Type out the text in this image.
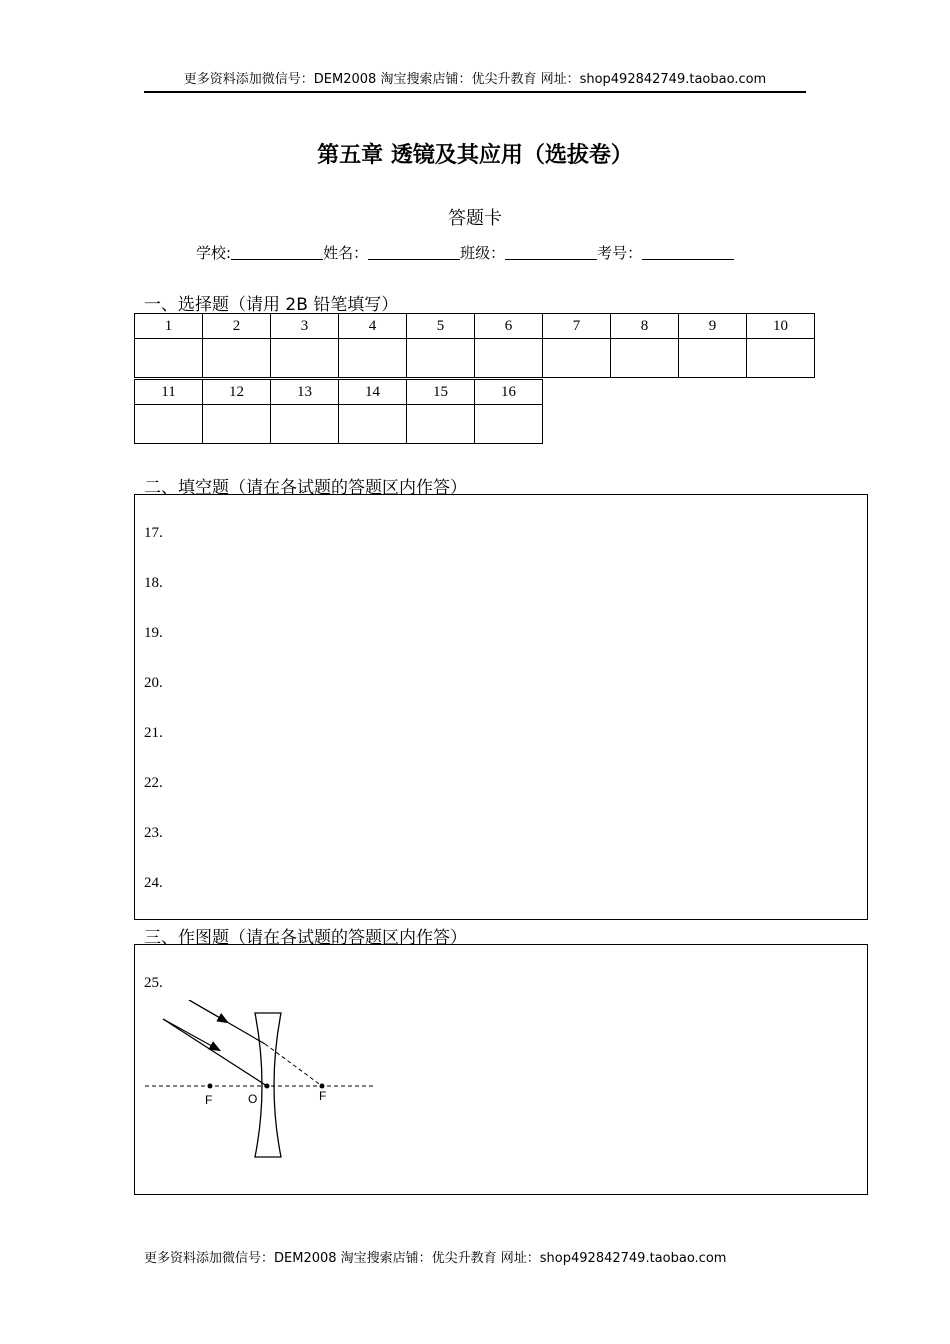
更多资料添加微信号：DEM2008 淘宝搜索店铺：优尖升教育 网址：shop492842749.taobao.com
第五章 透镜及其应用（选拔卷）
答题卡
学校:	姓名：	班级：	考号：
一、选择题（请用 2B 铅笔填写）
1	2	3	4	5	6	7	8	9	10

11	12	13	14	15	16

二、填空题（请在各试题的答题区内作答）
17.
18.
19.
20.
21.
22.
23.
24.
三、作图题（请在各试题的答题区内作答）
25.
F	O	F
更多资料添加微信号：DEM2008 淘宝搜索店铺：优尖升教育 网址：shop492842749.taobao.com
